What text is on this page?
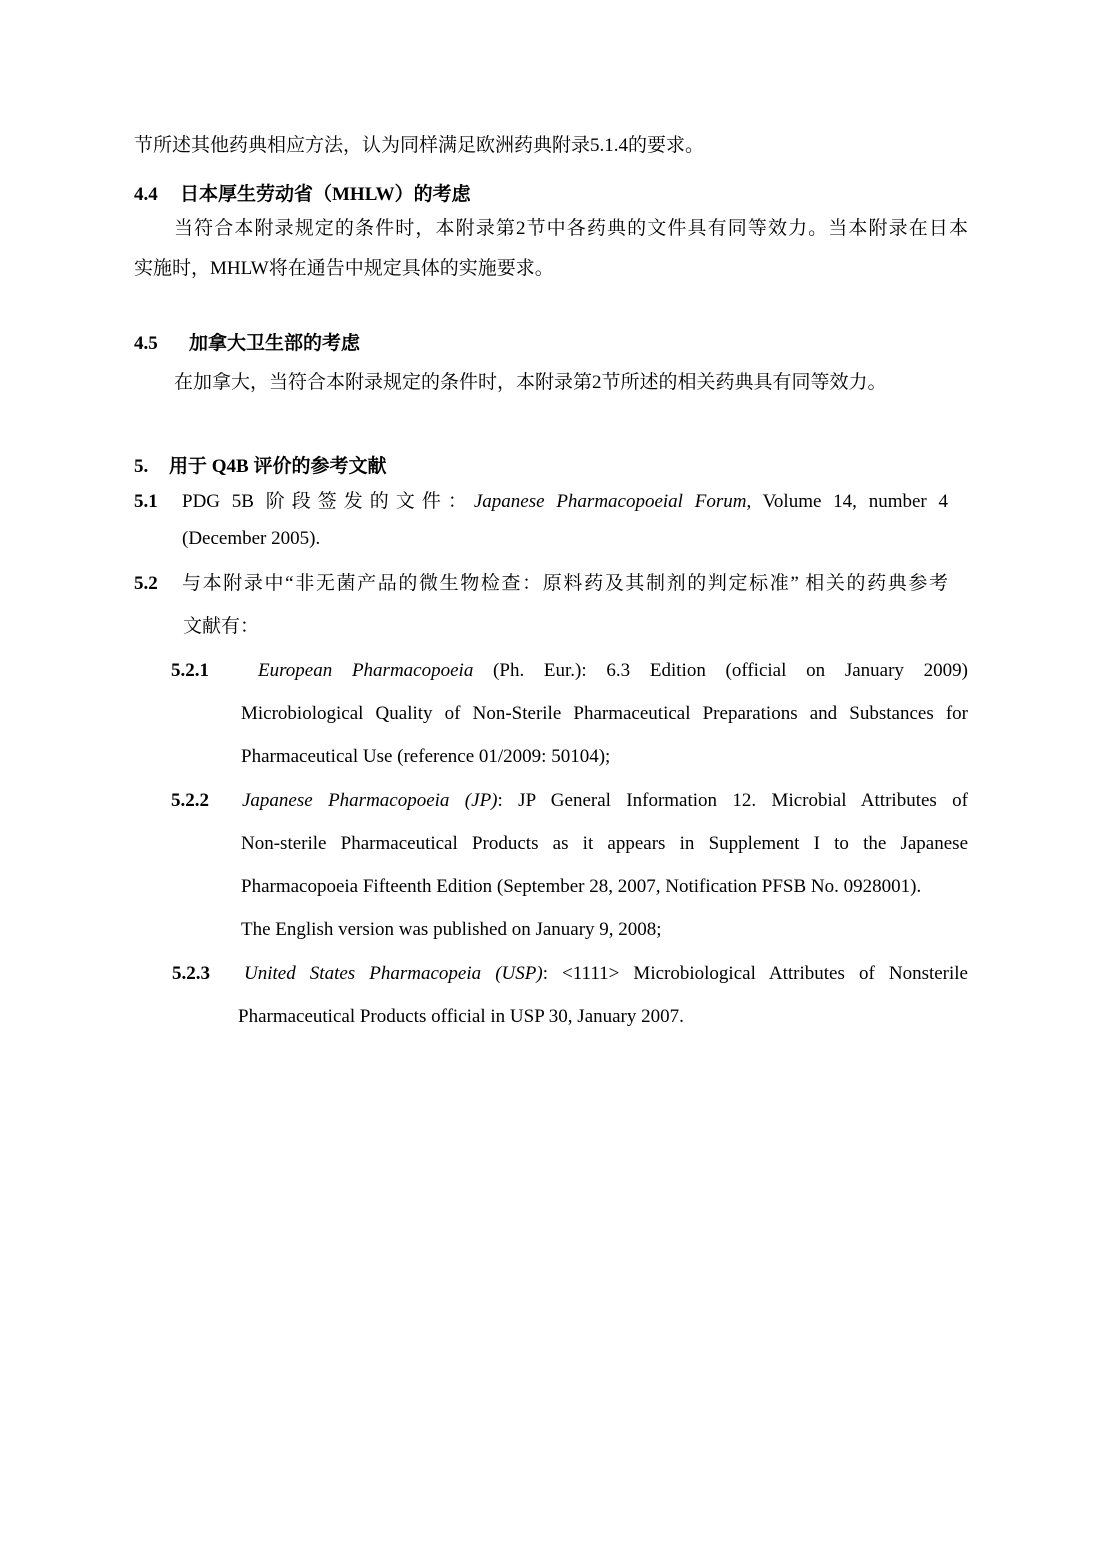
节所述其他药典相应方法，认为同样满足欧洲药典附录5.1.4的要求。
4.4 日本厚生劳动省（MHLW）的考虑
当符合本附录规定的条件时，本附录第2节中各药典的文件具有同等效力。当本附录在日本
实施时，MHLW将在通告中规定具体的实施要求。
4.5 加拿大卫生部的考虑
在加拿大，当符合本附录规定的条件时，本附录第2节所述的相关药典具有同等效力。
5. 用于 Q4B 评价的参考文献
5.1 PDG 5B 阶段签发的文件：Japanese Pharmacopoeial Forum, Volume 14, number 4
(December 2005).
5.2 与本附录中“非无菌产品的微生物检查：原料药及其制剂的判定标准” 相关的药典参考
文献有：
5.2.1	European Pharmacopoeia (Ph. Eur.): 6.3 Edition (official on January 2009)
Microbiological Quality of Non-Sterile Pharmaceutical Preparations and Substances for
Pharmaceutical Use (reference 01/2009: 50104);
5.2.2 Japanese Pharmacopoeia (JP): JP General Information 12. Microbial Attributes of
Non-sterile Pharmaceutical Products as it appears in Supplement I to the Japanese
Pharmacopoeia Fifteenth Edition (September 28, 2007, Notification PFSB No. 0928001).
The English version was published on January 9, 2008;
5.2.3 United States Pharmacopeia (USP): <1111> Microbiological Attributes of Nonsterile
Pharmaceutical Products official in USP 30, January 2007.
